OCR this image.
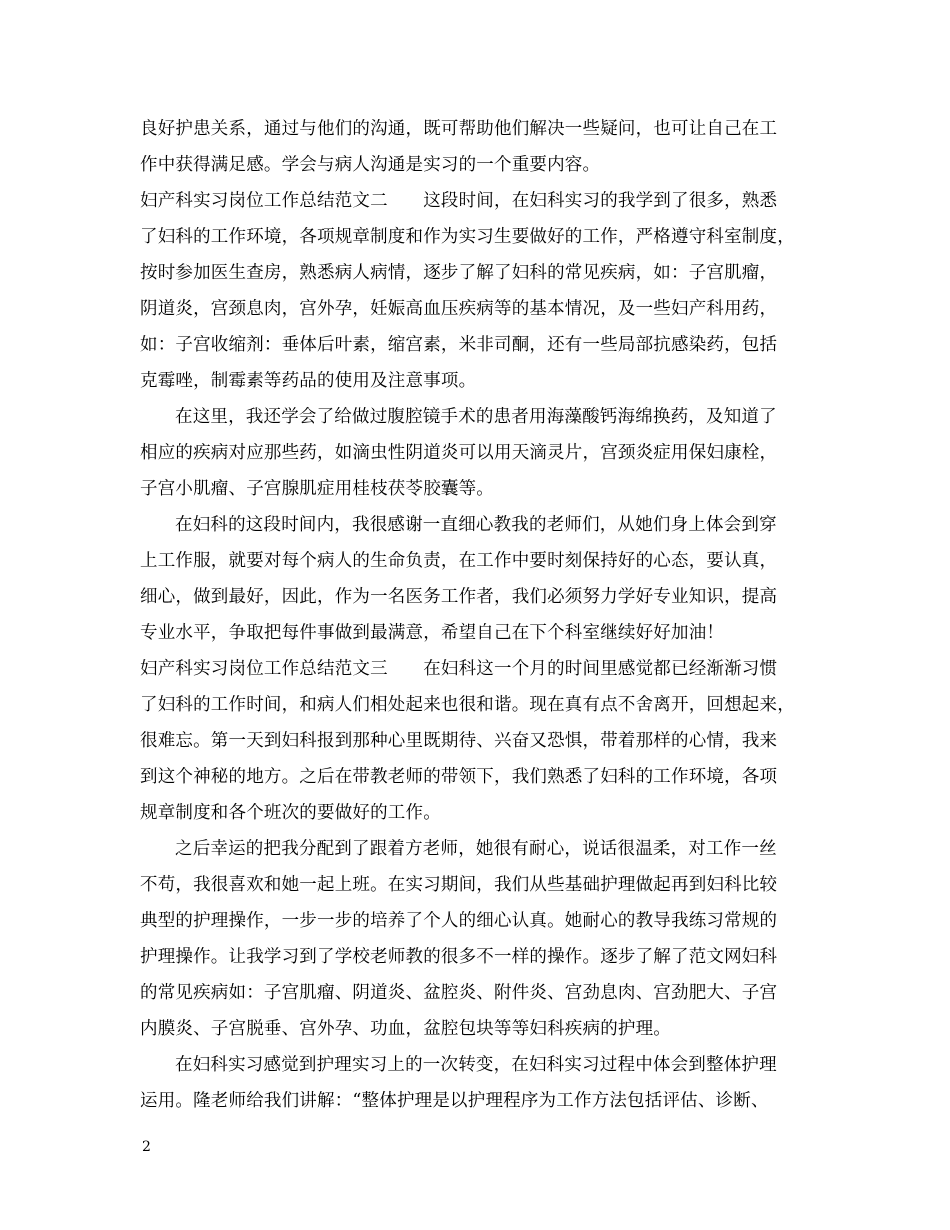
良好护患关系，通过与他们的沟通，既可帮助他们解决一些疑问，也可让自己在工
作中获得满足感。学会与病人沟通是实习的一个重要内容。
妇产科实习岗位工作总结范文二　　这段时间，在妇科实习的我学到了很多，熟悉
了妇科的工作环境，各项规章制度和作为实习生要做好的工作，严格遵守科室制度，
按时参加医生查房，熟悉病人病情，逐步了解了妇科的常见疾病，如：子宫肌瘤，
阴道炎，宫颈息肉，宫外孕，妊娠高血压疾病等的基本情况，及一些妇产科用药，
如：子宫收缩剂：垂体后叶素，缩宫素，米非司酮，还有一些局部抗感染药，包括
克霉唑，制霉素等药品的使用及注意事项。
在这里，我还学会了给做过腹腔镜手术的患者用海藻酸钙海绵换药，及知道了
相应的疾病对应那些药，如滴虫性阴道炎可以用天滴灵片，宫颈炎症用保妇康栓，
子宫小肌瘤、子宫腺肌症用桂枝茯苓胶囊等。
在妇科的这段时间内，我很感谢一直细心教我的老师们，从她们身上体会到穿
上工作服，就要对每个病人的生命负责，在工作中要时刻保持好的心态，要认真，
细心，做到最好，因此，作为一名医务工作者，我们必须努力学好专业知识，提高
专业水平，争取把每件事做到最满意，希望自己在下个科室继续好好加油！
妇产科实习岗位工作总结范文三　　在妇科这一个月的时间里感觉都已经渐渐习惯
了妇科的工作时间，和病人们相处起来也很和谐。现在真有点不舍离开，回想起来，
很难忘。第一天到妇科报到那种心里既期待、兴奋又恐惧，带着那样的心情，我来
到这个神秘的地方。之后在带教老师的带领下，我们熟悉了妇科的工作环境，各项
规章制度和各个班次的要做好的工作。
之后幸运的把我分配到了跟着方老师，她很有耐心，说话很温柔，对工作一丝
不苟，我很喜欢和她一起上班。在实习期间，我们从些基础护理做起再到妇科比较
典型的护理操作，一步一步的培养了个人的细心认真。她耐心的教导我练习常规的
护理操作。让我学习到了学校老师教的很多不一样的操作。逐步了解了范文网妇科
的常见疾病如：子宫肌瘤、阴道炎、盆腔炎、附件炎、宫劲息肉、宫劲肥大、子宫
内膜炎、子宫脱垂、宫外孕、功血，盆腔包块等等妇科疾病的护理。
在妇科实习感觉到护理实习上的一次转变，在妇科实习过程中体会到整体护理
运用。隆老师给我们讲解：“整体护理是以护理程序为工作方法包括评估、诊断、
2
